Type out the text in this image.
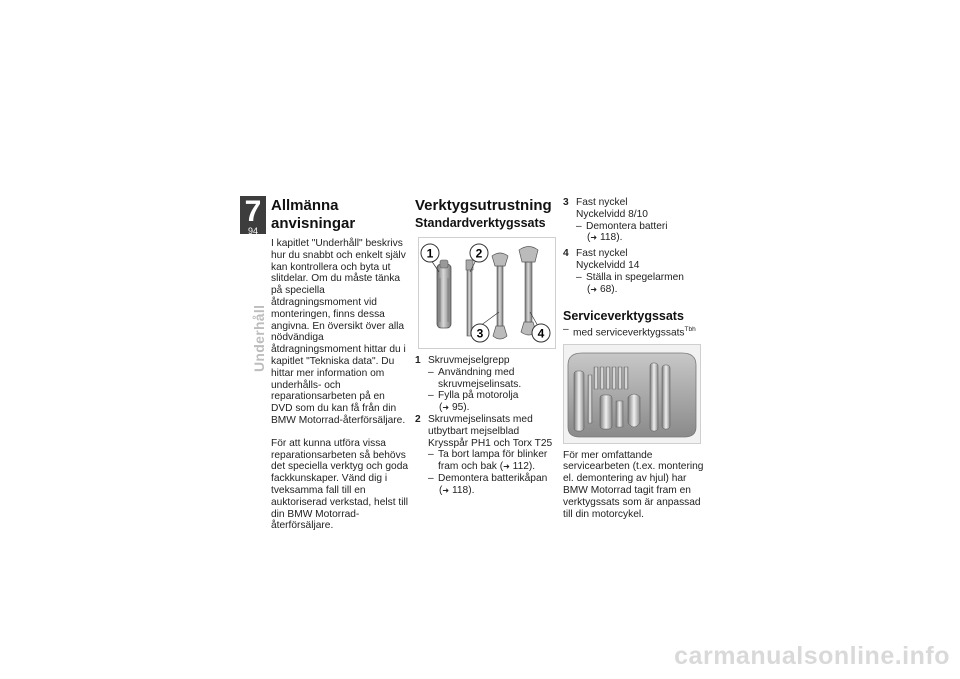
7
94
Underhåll
Allmänna anvisningar

I kapitlet "Underhåll" beskrivs hur du snabbt och enkelt själv kan kontrollera och byta ut slitdelar. Om du måste tänka på speciella åtdragningsmoment vid monteringen, finns dessa angivna. En översikt över alla nödvändiga åtdragningsmoment hittar du i kapitlet "Tekniska data". Du hittar mer information om underhålls- och reparationsarbeten på en DVD som du kan få från din BMW Motorrad-återförsäljare.

För att kunna utföra vissa reparationsarbeten så behövs det speciella verktyg och goda fackkunskaper. Vänd dig i tveksamma fall till en auktoriserad verkstad, helst till din BMW Motorrad-återförsäljare.

Verktygsutrustning
Standardverktygssats
1	2
3	4
1 Skruvmejselgrepp
– Användning med skruvmejselinsats.
– Fylla på motorolja
(➜ 95).
2 Skruvmejselinsats med utbytbart mejselblad
Krysspår PH1 och Torx T25
– Ta bort lampa för blinker fram och bak (➜ 112).
– Demontera batterikåpan
(➜ 118).
3 Fast nyckel
Nyckelvidd 8/10
– Demontera batteri
(➜ 118).
4 Fast nyckel
Nyckelvidd 14
– Ställa in spegelarmen
(➜ 68).
Serviceverktygssats
– med serviceverktygssats$^{Tbh}$

För mer omfattande servicearbeten (t.ex. montering el. demontering av hjul) har BMW Motorrad tagit fram en verktygssats som är anpassad till din motorcykel.

carmanualsonline.info
